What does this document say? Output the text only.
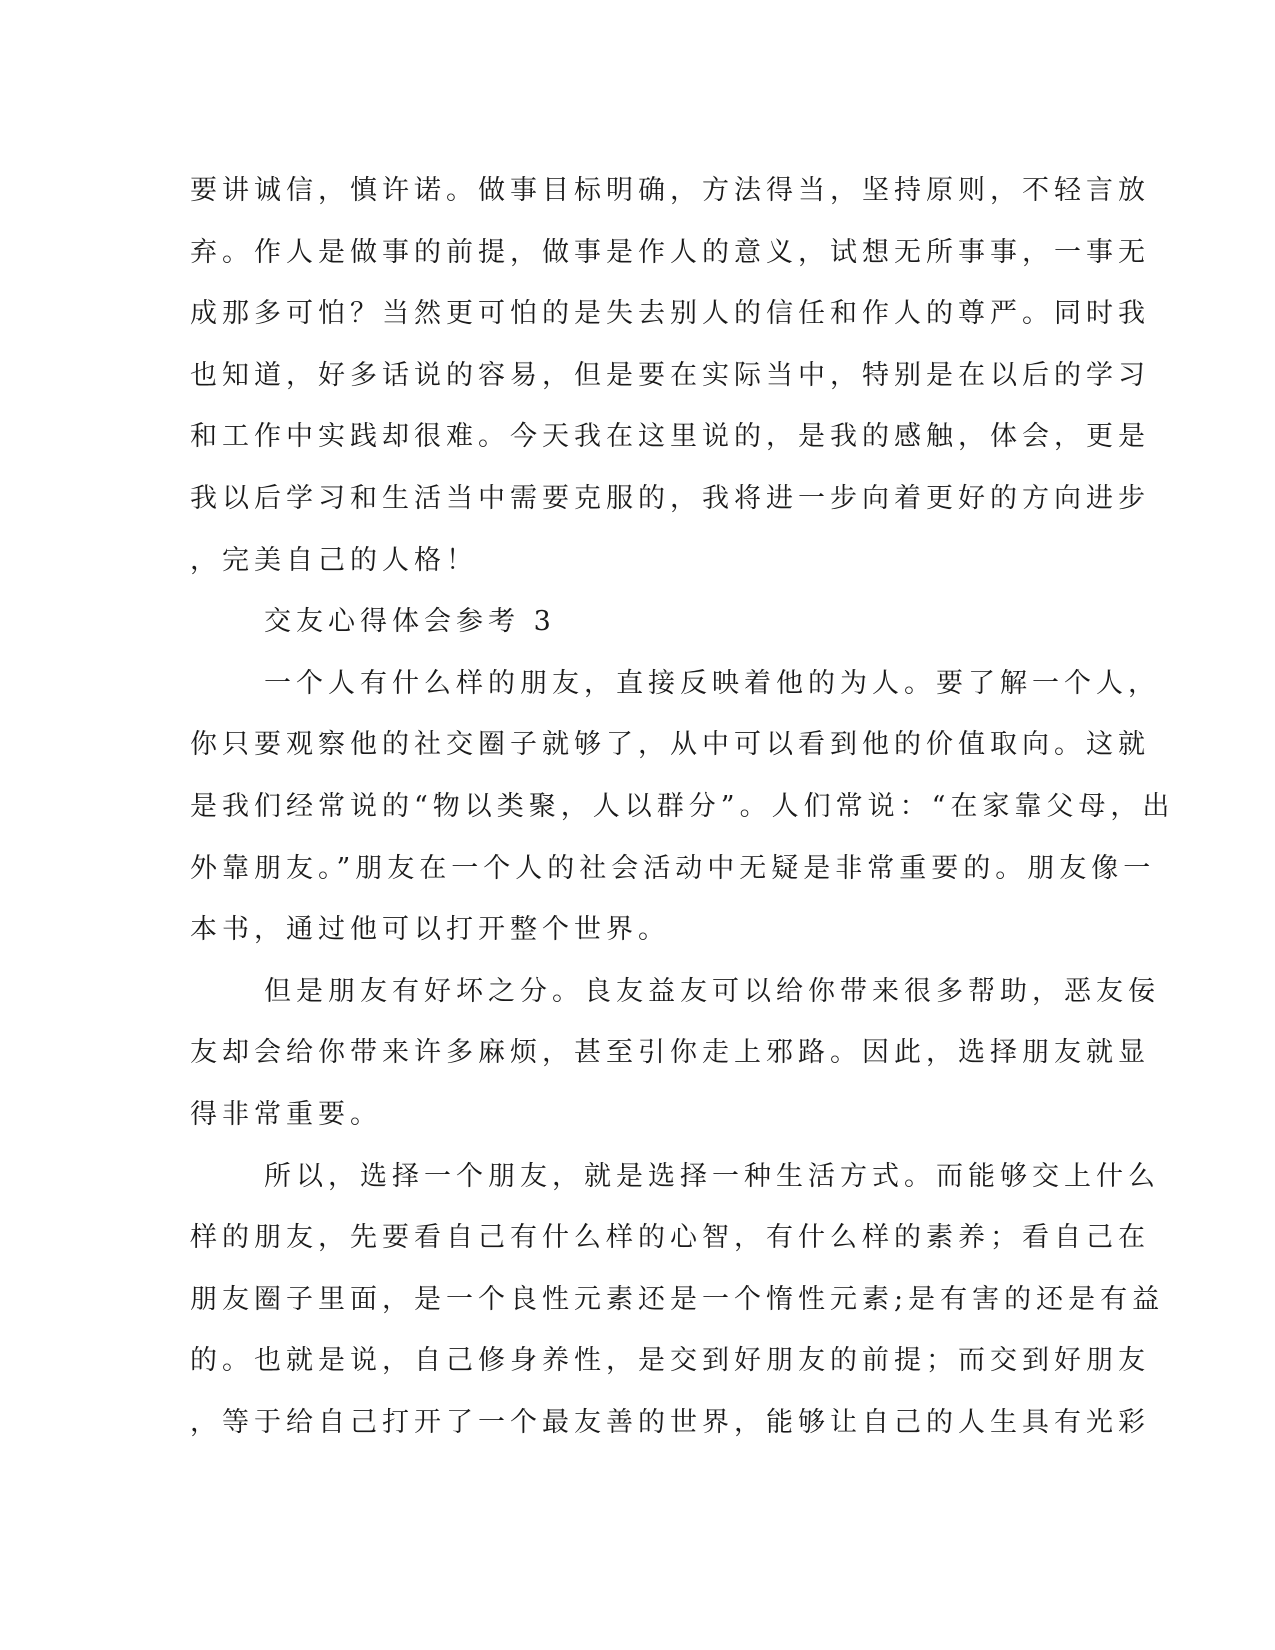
要讲诚信，慎许诺。做事目标明确，方法得当，坚持原则，不轻言放
弃。作人是做事的前提，做事是作人的意义，试想无所事事，一事无
成那多可怕？当然更可怕的是失去别人的信任和作人的尊严。同时我
也知道，好多话说的容易，但是要在实际当中，特别是在以后的学习
和工作中实践却很难。今天我在这里说的，是我的感触，体会，更是
我以后学习和生活当中需要克服的，我将进一步向着更好的方向进步
，完美自己的人格！
交友心得体会参考 3
一个人有什么样的朋友，直接反映着他的为人。要了解一个人，
你只要观察他的社交圈子就够了，从中可以看到他的价值取向。这就
是我们经常说的“物以类聚，人以群分”。人们常说：“在家靠父母，出
外靠朋友。”朋友在一个人的社会活动中无疑是非常重要的。朋友像一
本书，通过他可以打开整个世界。
但是朋友有好坏之分。良友益友可以给你带来很多帮助，恶友佞
友却会给你带来许多麻烦，甚至引你走上邪路。因此，选择朋友就显
得非常重要。
所以，选择一个朋友，就是选择一种生活方式。而能够交上什么
样的朋友，先要看自己有什么样的心智，有什么样的素养；看自己在
朋友圈子里面，是一个良性元素还是一个惰性元素;是有害的还是有益
的。也就是说，自己修身养性，是交到好朋友的前提；而交到好朋友
，等于给自己打开了一个最友善的世界，能够让自己的人生具有光彩
